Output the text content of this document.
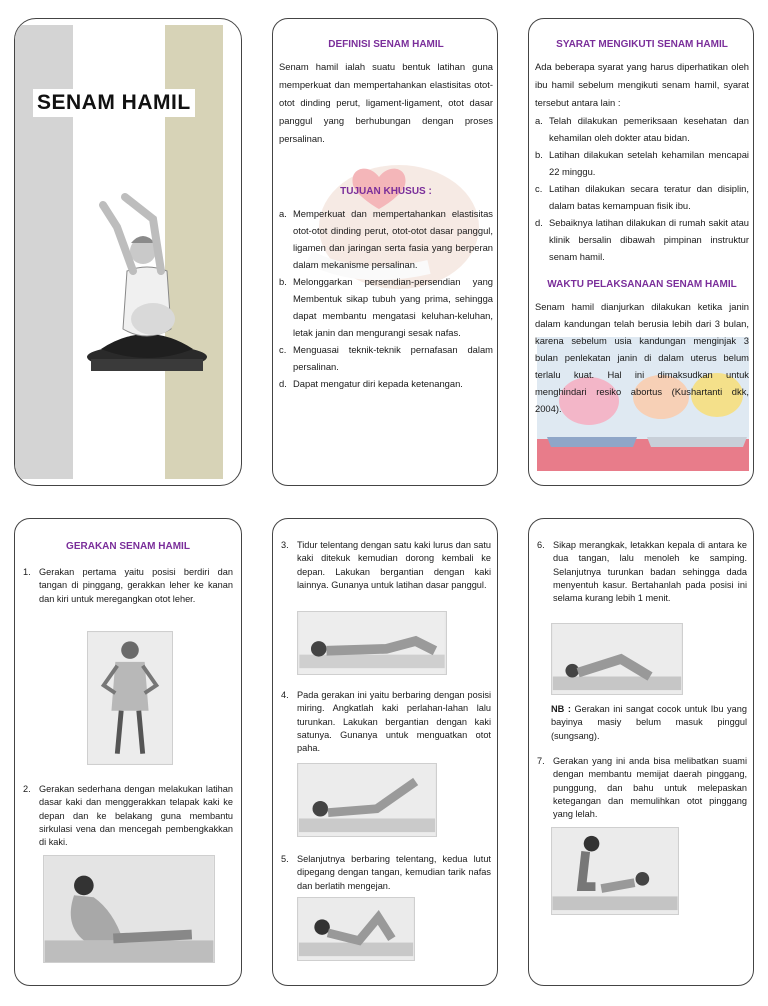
SENAM HAMIL
DEFINISI SENAM HAMIL

Senam hamil ialah suatu bentuk latihan guna memperkuat dan mempertahankan elastisitas otot-otot dinding perut, ligament-ligament, otot dasar panggul yang berhubungan dengan proses persalinan.

TUJUAN KHUSUS :
a. Memperkuat dan mempertahankan elastisitas otot-otot dinding perut, otot-otot dasar panggul, ligamen dan jaringan serta fasia yang berperan dalam mekanisme persalinan.
b. Melonggarkan persendian-persendian yang Membentuk sikap tubuh yang prima, sehingga dapat membantu mengatasi keluhan-keluhan, letak janin dan mengurangi sesak nafas.
c. Menguasai teknik-teknik pernafasan dalam persalinan.
d. Dapat mengatur diri kepada ketenangan.
SYARAT MENGIKUTI SENAM HAMIL

Ada beberapa syarat yang harus diperhatikan oleh ibu hamil sebelum mengikuti senam hamil, syarat tersebut antara lain :

a. Telah dilakukan pemeriksaan kesehatan dan kehamilan oleh dokter atau bidan.
b. Latihan dilakukan setelah kehamilan mencapai 22 minggu.
c. Latihan dilakukan secara teratur dan disiplin, dalam batas kemampuan fisik ibu.
d. Sebaiknya latihan dilakukan di rumah sakit atau klinik bersalin dibawah pimpinan instruktur senam hamil.
WAKTU PELAKSANAAN SENAM HAMIL

Senam hamil dianjurkan dilakukan ketika janin dalam kandungan telah berusia lebih dari 3 bulan, karena sebelum usia kandungan menginjak 3 bulan penlekatan janin di dalam uterus belum terlalu kuat. Hal ini dimaksudkan untuk menghindari resiko abortus (Kushartanti dkk, 2004).

GERAKAN SENAM HAMIL
1. Gerakan pertama yaitu posisi berdiri dan tangan di pinggang, gerakkan leher ke kanan dan kiri untuk meregangkan otot leher.
2. Gerakan sederhana dengan melakukan latihan dasar kaki dan menggerakkan telapak kaki ke depan dan ke belakang guna membantu sirkulasi vena dan mencegah pembengkakkan di kaki.
3. Tidur telentang dengan satu kaki lurus dan satu kaki ditekuk kemudian dorong kembali ke depan. Lakukan bergantian dengan kaki lainnya. Gunanya untuk latihan dasar panggul.
4. Pada gerakan ini yaitu berbaring dengan posisi miring. Angkatlah kaki perlahan-lahan lalu turunkan. Lakukan bergantian dengan kaki satunya. Gunanya untuk menguatkan otot paha.
5. Selanjutnya berbaring telentang, kedua lutut dipegang dengan tangan, kemudian tarik nafas dan berlatih mengejan.
6. Sikap merangkak, letakkan kepala di antara ke dua tangan, lalu menoleh ke samping. Selanjutnya turunkan badan sehingga dada menyentuh kasur. Bertahanlah pada posisi ini selama kurang lebih 1 menit.

NB : Gerakan ini sangat cocok untuk Ibu yang bayinya masiy belum masuk pinggul (sungsang).

7. Gerakan yang ini anda bisa melibatkan suami dengan membantu memijat daerah pinggang, punggung, dan bahu untuk melepaskan ketegangan dan memulihkan otot pinggang yang lelah.
